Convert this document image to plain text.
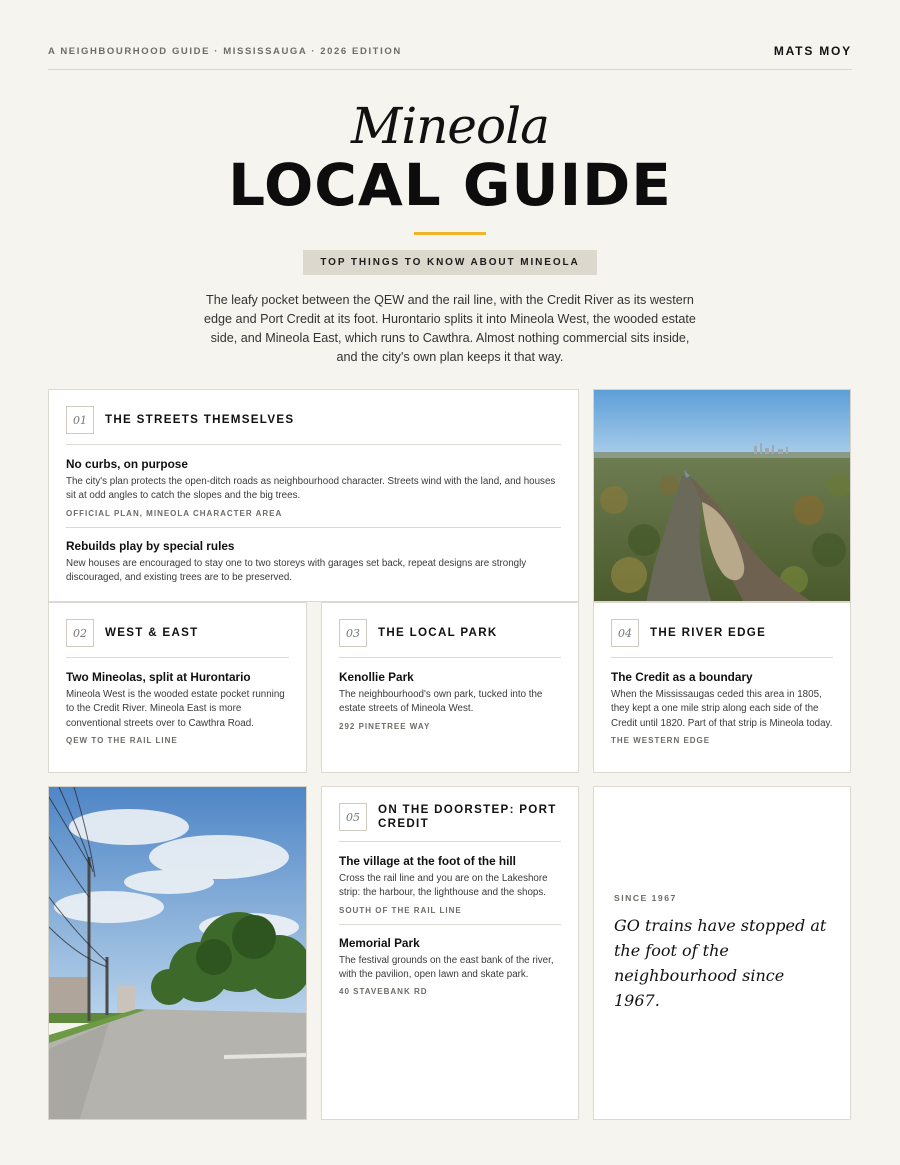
A NEIGHBOURHOOD GUIDE · MISSISSAUGA · 2026 EDITION	MATS MOY
Mineola
LOCAL GUIDE
TOP THINGS TO KNOW ABOUT MINEOLA

The leafy pocket between the QEW and the rail line, with the Credit River as its western edge and Port Credit at its foot. Hurontario splits it into Mineola West, the wooded estate side, and Mineola East, which runs to Cawthra. Almost nothing commercial sits inside, and the city's own plan keeps it that way.

01	THE STREETS THEMSELVES
No curbs, on purpose

The city's plan protects the open-ditch roads as neighbourhood character. Streets wind with the land, and houses sit at odd angles to catch the slopes and the big trees.

OFFICIAL PLAN, MINEOLA CHARACTER AREA
Rebuilds play by special rules

New houses are encouraged to stay one to two storeys with garages set back, repeat designs are strongly discouraged, and existing trees are to be preserved.

02	WEST & EAST
Two Mineolas, split at Hurontario

Mineola West is the wooded estate pocket running to the Credit River. Mineola East is more conventional streets over to Cawthra Road.

QEW TO THE RAIL LINE
03	THE LOCAL PARK
Kenollie Park

The neighbourhood's own park, tucked into the estate streets of Mineola West.

292 PINETREE WAY
04	THE RIVER EDGE
The Credit as a boundary

When the Mississaugas ceded this area in 1805, they kept a one mile strip along each side of the Credit until 1820. Part of that strip is Mineola today.

THE WESTERN EDGE
05
ON THE DOORSTEP: PORT CREDIT
The village at the foot of the hill

Cross the rail line and you are on the Lakeshore strip: the harbour, the lighthouse and the shops.

SOUTH OF THE RAIL LINE
Memorial Park

The festival grounds on the east bank of the river, with the pavilion, open lawn and skate park.

40 STAVEBANK RD
SINCE 1967
GO trains have stopped at the foot of the neighbourhood since 1967.
